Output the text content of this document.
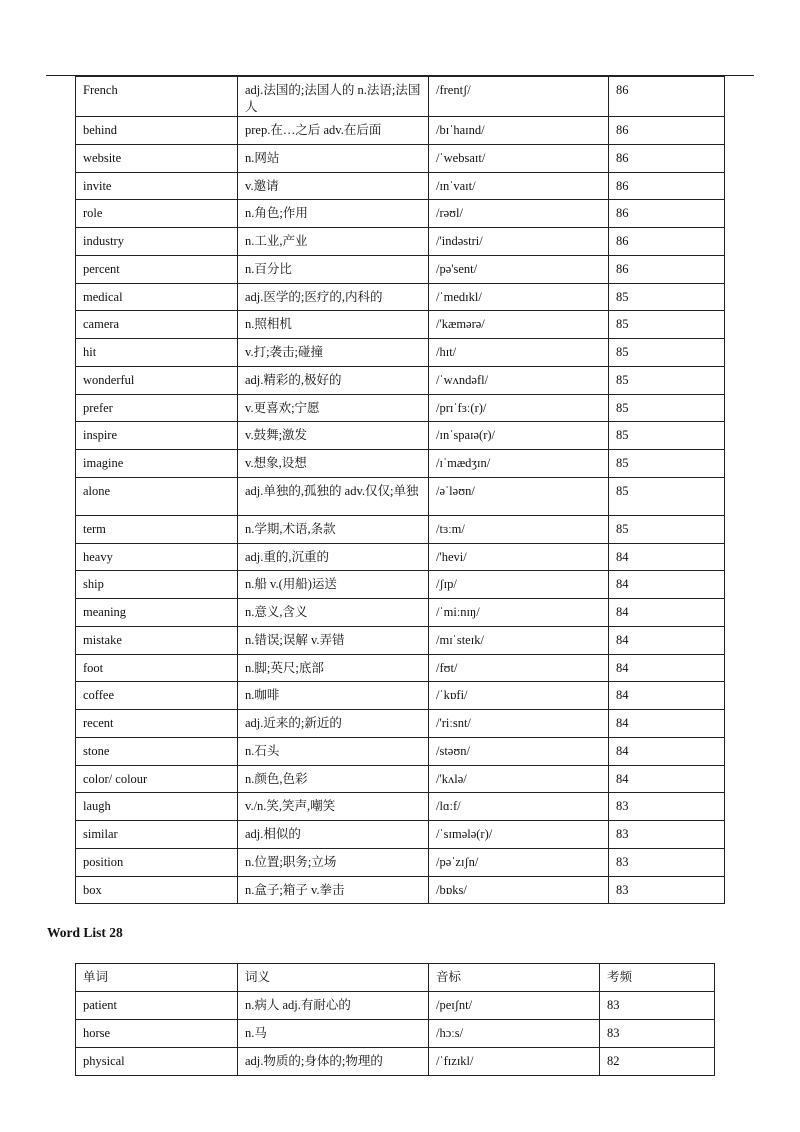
French	adj.法国的;法国人的 n.法语;法国人	/frentʃ/	86
behind	prep.在…之后 adv.在后面	/bɪˈhaɪnd/	86
website	n.网站	/ˈwebsaɪt/	86
invite	v.邀请	/ɪnˈvaɪt/	86
role	n.角色;作用	/rəʊl/	86
industry	n.工业,产业	/'indəstri/	86
percent	n.百分比	/pə'sent/	86
medical	adj.医学的;医疗的,内科的	/ˈmedɪkl/	85
camera	n.照相机	/'kæmərə/	85
hit	v.打;袭击;碰撞	/hɪt/	85
wonderful	adj.精彩的,极好的	/ˈwʌndəfl/	85
prefer	v.更喜欢;宁愿	/prɪˈfɜː(r)/	85
inspire	v.鼓舞;激发	/ɪnˈspaɪə(r)/	85
imagine	v.想象,设想	/ɪˈmædʒɪn/	85
alone	adj.单独的,孤独的 adv.仅仅;单独	/əˈləʊn/	85
term	n.学期,术语,条款	/tɜːm/	85
heavy	adj.重的,沉重的	/'hevi/	84
ship	n.船 v.(用船)运送	/ʃɪp/	84
meaning	n.意义,含义	/ˈmiːnɪŋ/	84
mistake	n.错误;误解 v.弄错	/mɪˈsteɪk/	84
foot	n.脚;英尺;底部	/fʊt/	84
coffee	n.咖啡	/ˈkɒfi/	84
recent	adj.近来的;新近的	/'riːsnt/	84
stone	n.石头	/stəʊn/	84
color/ colour	n.颜色,色彩	/'kʌlə/	84
laugh	v./n.笑,笑声,嘲笑	/lɑːf/	83
similar	adj.相似的	/ˈsɪmələ(r)/	83
position	n.位置;职务;立场	/pəˈzɪʃn/	83
box	n.盒子;箱子 v.拳击	/bɒks/	83
Word List 28
单词	词义	音标	考频
patient	n.病人 adj.有耐心的	/peɪʃnt/	83
horse	n.马	/hɔːs/	83
physical	adj.物质的;身体的;物理的	/ˈfɪzɪkl/	82
